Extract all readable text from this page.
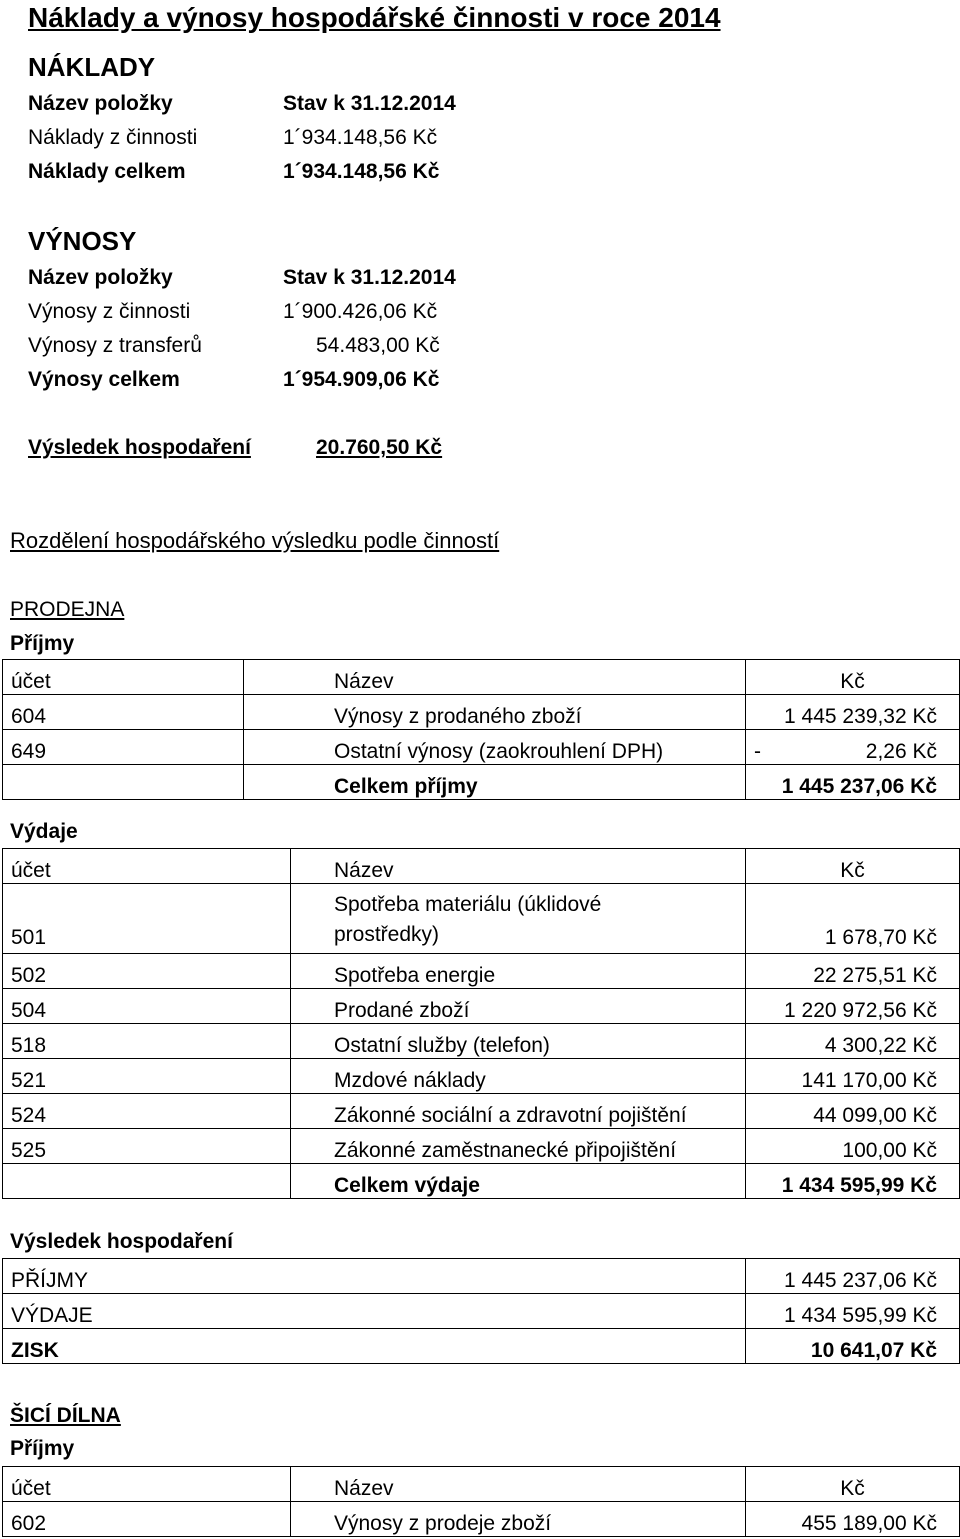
Náklady a výnosy hospodářské činnosti v roce 2014
NÁKLADY
Název položky	Stav k 31.12.2014
Náklady z činnosti	1´934.148,56 Kč
Náklady celkem	1´934.148,56 Kč
VÝNOSY
Název položky	Stav k 31.12.2014
Výnosy z činnosti	1´900.426,06 Kč
Výnosy z transferů	54.483,00 Kč
Výnosy celkem	1´954.909,06 Kč
Výsledek hospodaření	20.760,50 Kč
Rozdělení hospodářského výsledku podle činností
PRODEJNA
Příjmy
účet	Název	Kč
604	Výnosy z prodaného zboží	1 445 239,32 Kč
649	Ostatní výnosy (zaokrouhlení DPH)	- 2,26 Kč
	Celkem příjmy	1 445 237,06 Kč
Výdaje
účet	Název	Kč
501	Spotřeba materiálu (úklidové prostředky)	1 678,70 Kč
502	Spotřeba energie	22 275,51 Kč
504	Prodané zboží	1 220 972,56 Kč
518	Ostatní služby (telefon)	4 300,22 Kč
521	Mzdové náklady	141 170,00 Kč
524	Zákonné sociální a zdravotní pojištění	44 099,00 Kč
525	Zákonné zaměstnanecké připojištění	100,00 Kč
	Celkem výdaje	1 434 595,99 Kč
Výsledek hospodaření
PŘÍJMY	1 445 237,06 Kč
VÝDAJE	1 434 595,99 Kč
ZISK	10 641,07 Kč
ŠICÍ DÍLNA
Příjmy
účet	Název	Kč
602	Výnosy z prodeje zboží	455 189,00 Kč
